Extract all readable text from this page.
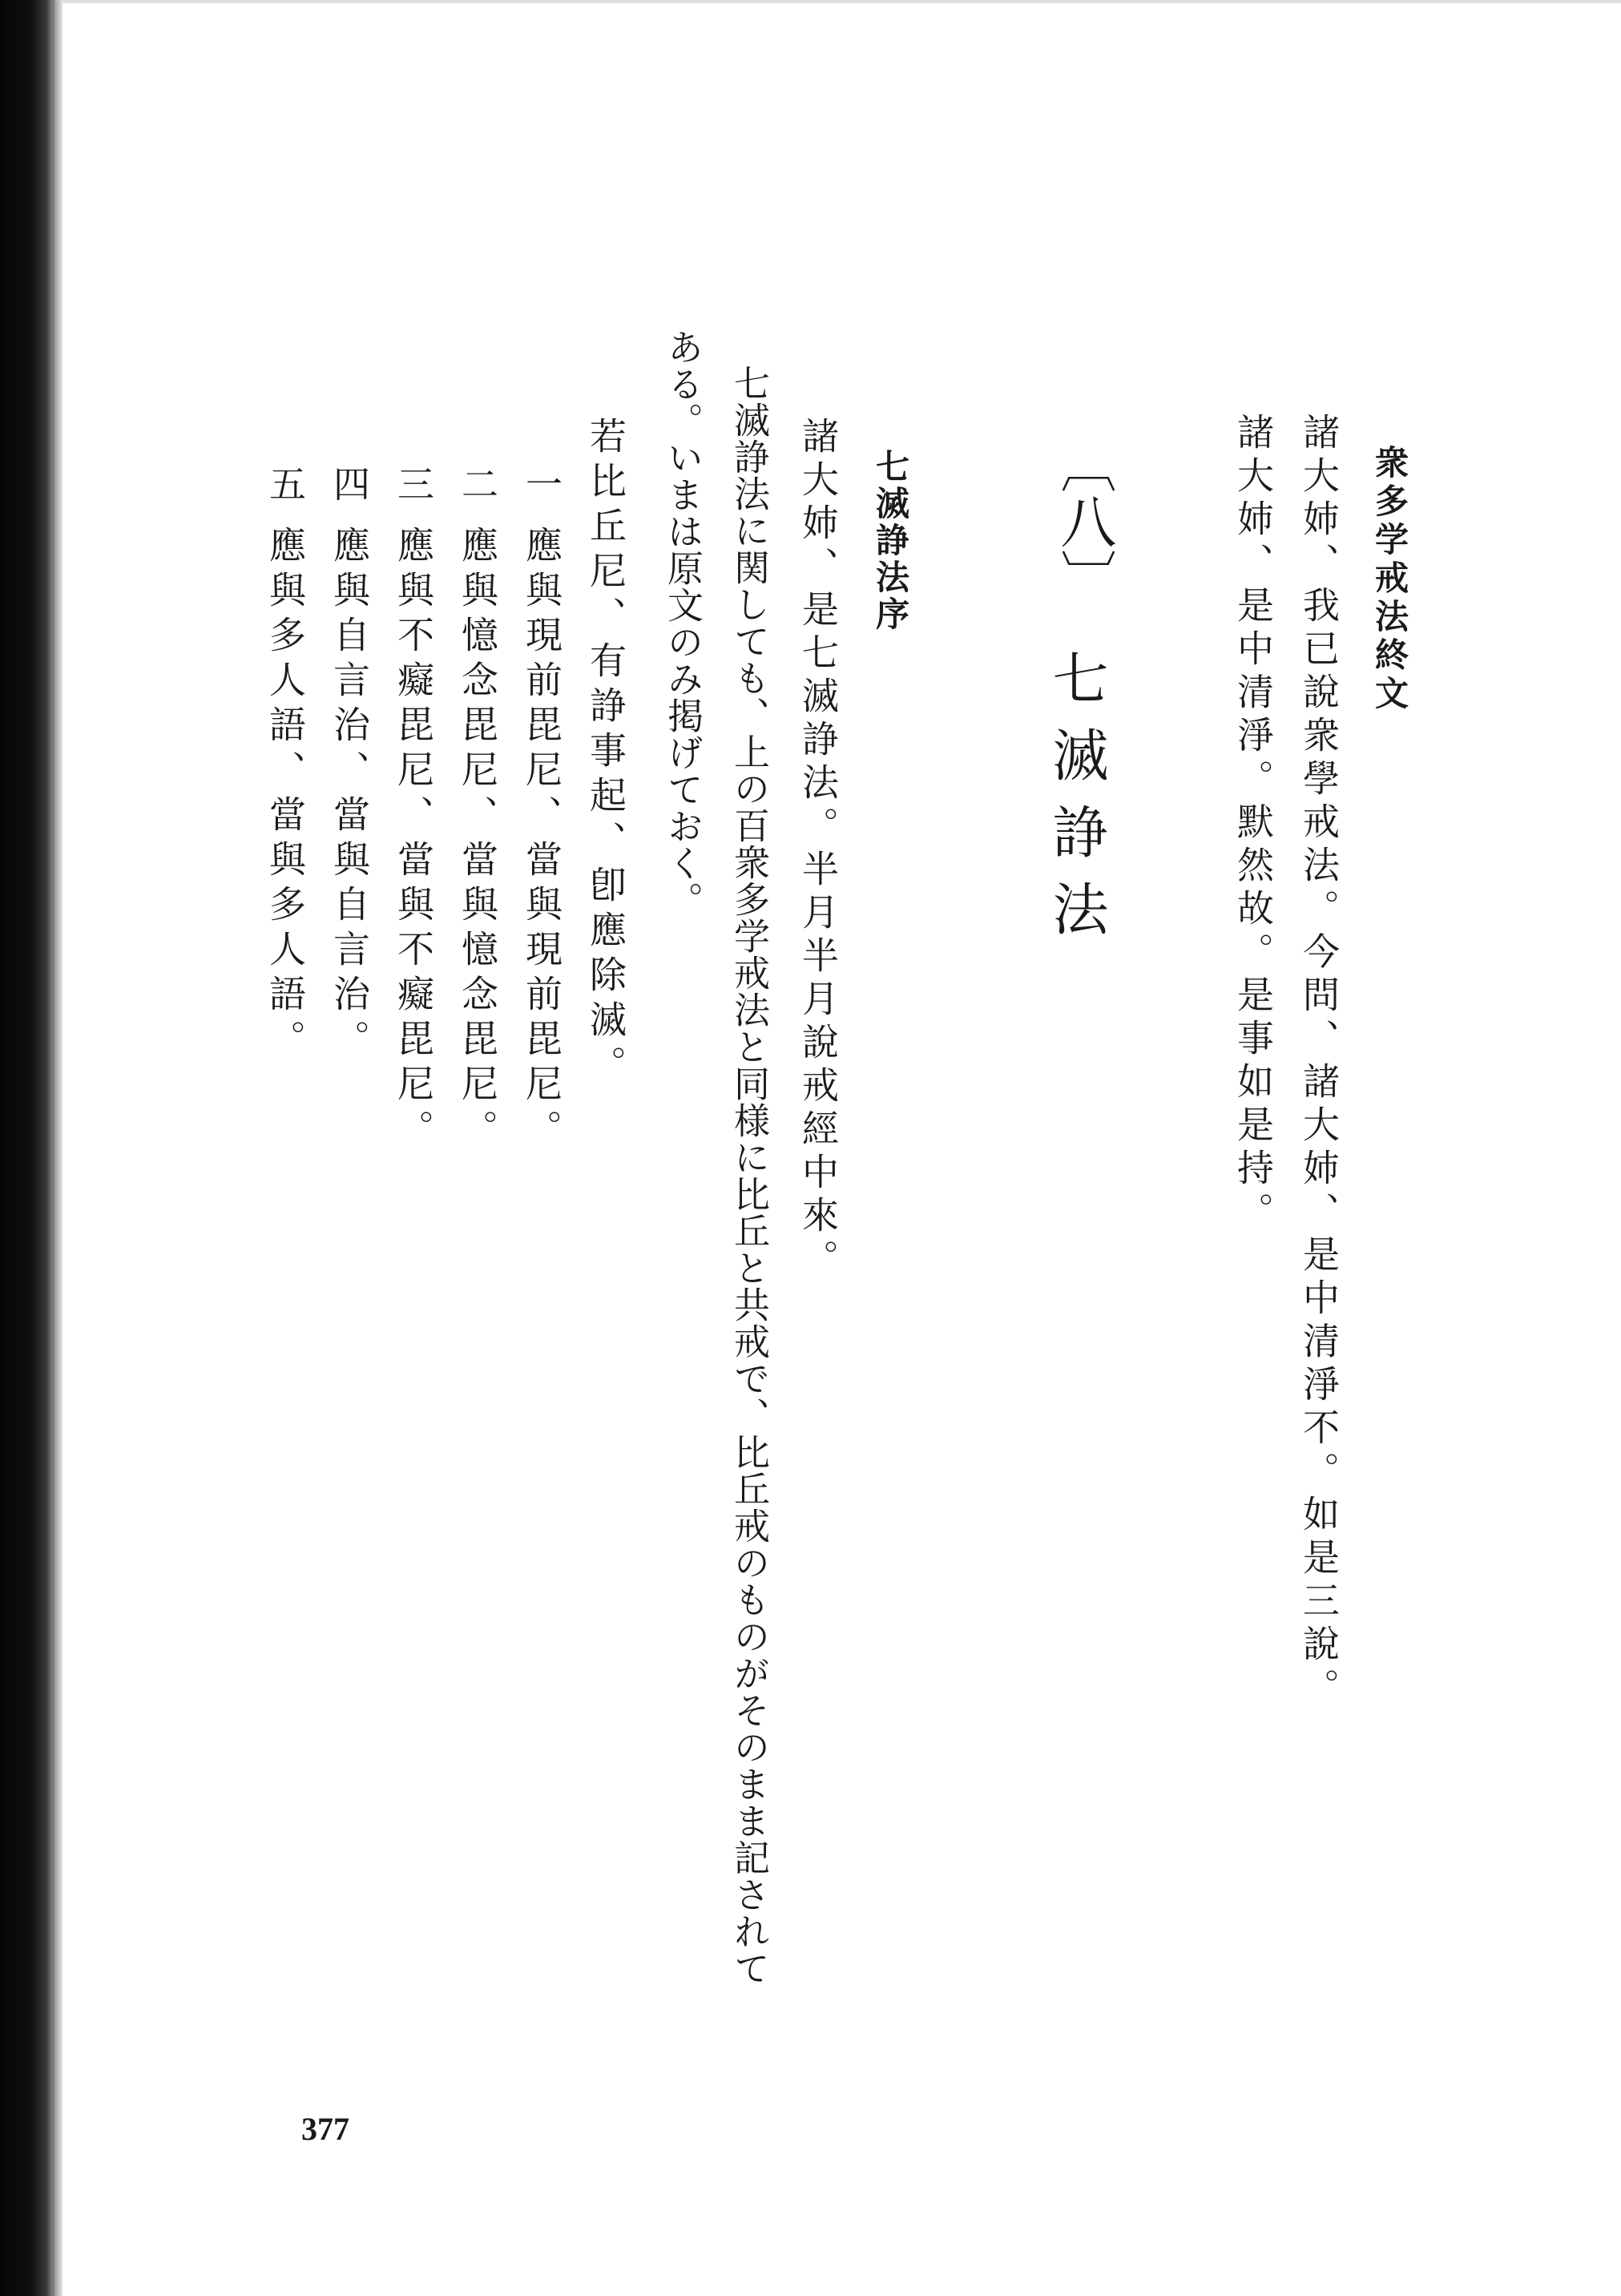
衆多学戒法終文
諸大姉、我已說衆學戒法。今問、諸大姉、是中清淨不。如是三說。
諸大姉、是中清淨。默然故。是事如是持。
〔八〕
七滅諍法
七滅諍法序
諸大姉、是七滅諍法。半月半月說戒經中來。
七滅諍法に関しても、上の百衆多学戒法と同様に比丘と共戒で、比丘戒のものがそのまま記されて
ある。いまは原文のみ掲げておく。
若比丘尼、有諍事起、卽應除滅。
一應與現前毘尼、當與現前毘尼。
二應與憶念毘尼、當與憶念毘尼。
三應與不癡毘尼、當與不癡毘尼。
四應與自言治、當與自言治。
五應與多人語、當與多人語。
377
